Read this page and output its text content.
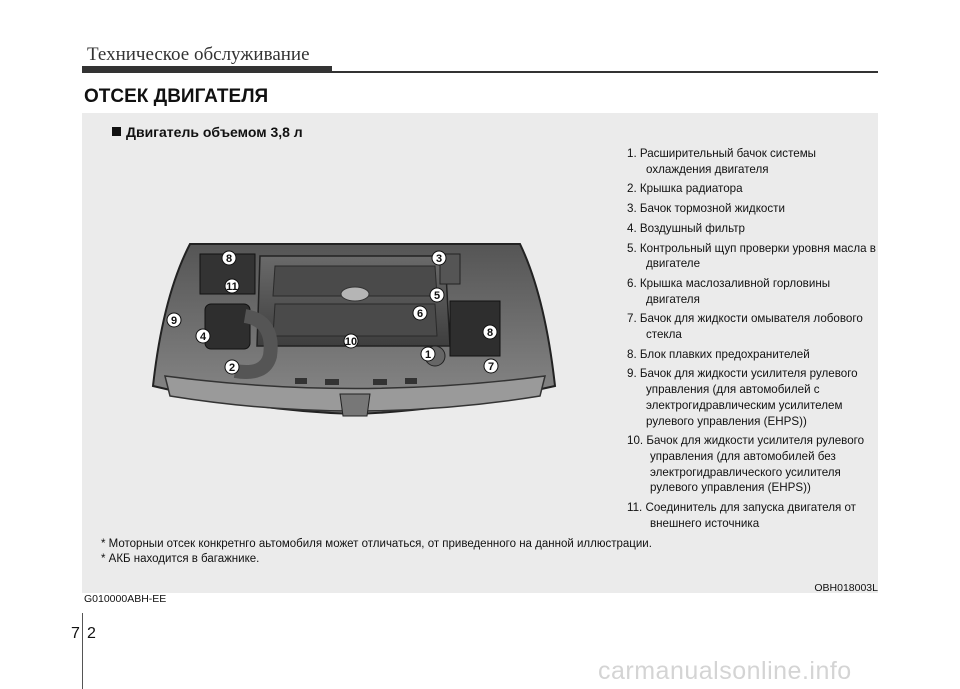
Техническое обслуживание
ОТСЕК ДВИГАТЕЛЯ
Двигатель объемом 3,8 л
8	3
11
5
9
6
4	8
10
1
2	7
1. Расширительный бачок системы охлаждения двигателя
2. Крышка радиатора
3. Бачок тормозной жидкости
4. Воздушный фильтр
5. Контрольный щуп проверки уровня масла в двигателе
6. Крышка маслозаливной горловины двигателя
7. Бачок для жидкости омывателя лобового стекла
8. Блок плавких предохранителей
9. Бачок для жидкости усилителя рулевого управления (для автомобилей с электрогидравлическим усилителем рулевого управления (EHPS))
10. Бачок для жидкости усилителя рулевого управления (для автомобилей без электрогидравлического усилителя рулевого управления (EHPS))
11. Соединитель для запуска двигателя от внешнего источника
* Моторныи отсек конкретнго аьтомобиля может отличаться, от приведенного на данной иллюстрации.
* АКБ находится в багажнике.
OBH018003L
G010000ABH-EE
7 2
carmanualsonline.info
